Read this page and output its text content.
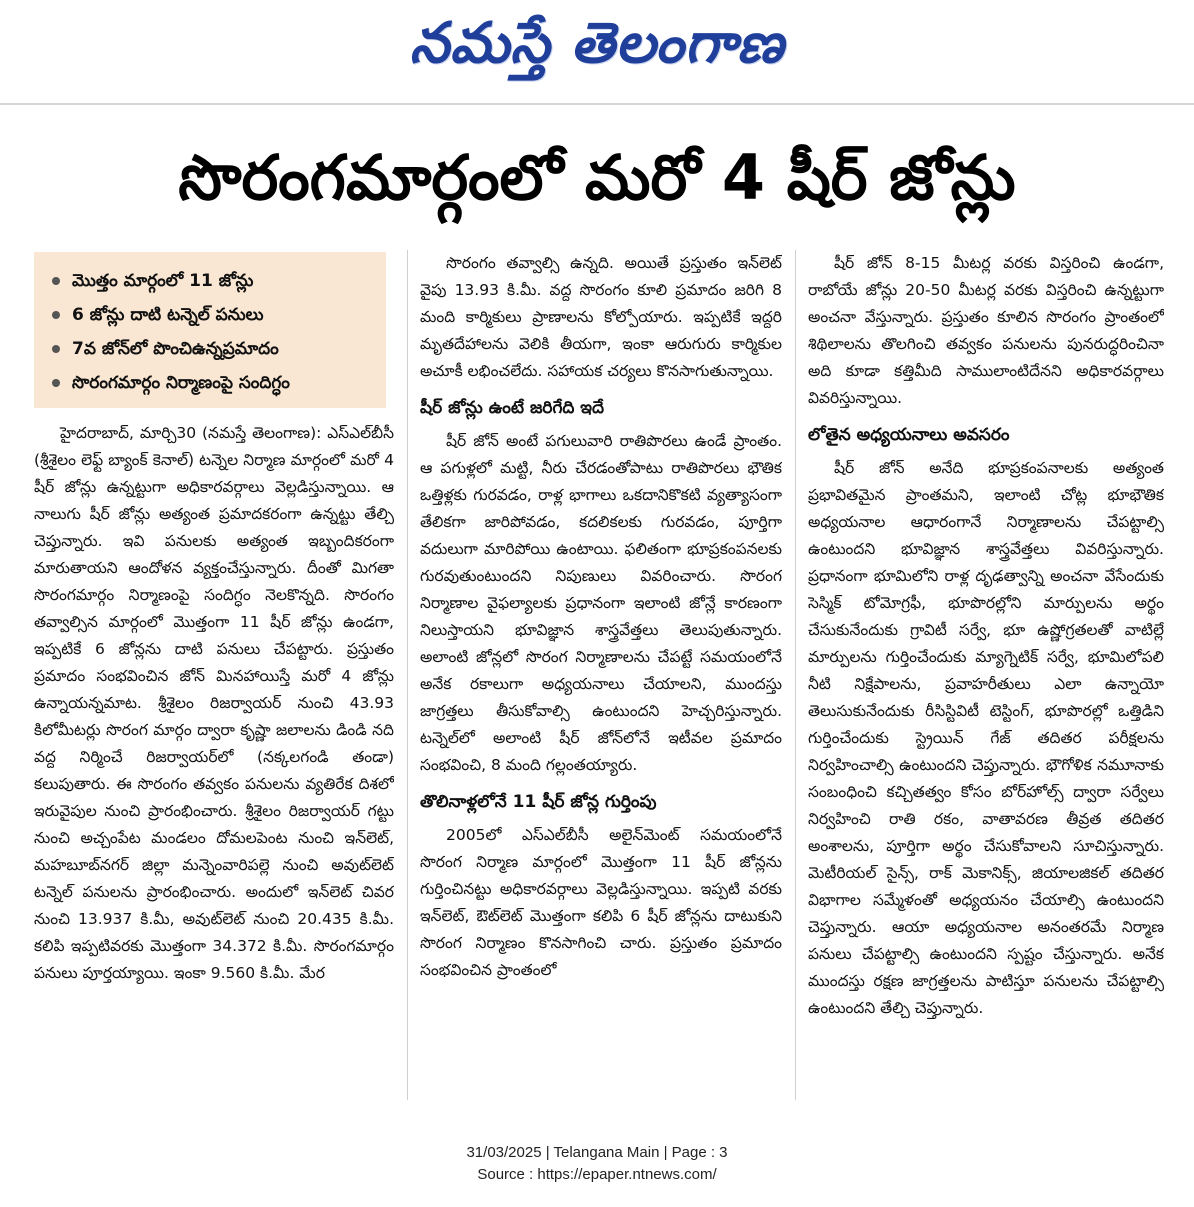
నమస్తే తెలంగాణ
సొరంగమార్గంలో మరో 4 షీర్ జోన్లు
మొత్తం మార్గంలో 11 జోన్లు
6 జోన్లు దాటి టన్నెల్ పనులు
7వ జోన్‌లో పొంచిఉన్నప్రమాదం
సొరంగమార్గం నిర్మాణంపై సందిగ్ధం

హైదరాబాద్, మార్చి30 (నమస్తే తెలంగాణ): ఎస్ఎల్‌బీసీ (శ్రీశైలం లెఫ్ట్ బ్యాంక్ కెనాల్) టన్నెల నిర్మాణ మార్గంలో మరో 4 షీర్ జోన్లు ఉన్నట్టుగా అధికారవర్గాలు వెల్లడిస్తున్నాయి. ఆ నాలుగు షీర్ జోన్లు అత్యంత ప్రమాదకరంగా ఉన్నట్టు తేల్చి చెప్తున్నారు. ఇవి పనులకు అత్యంత ఇబ్బందికరంగా మారుతాయని ఆందోళన వ్యక్తంచేస్తున్నారు. దీంతో మిగతా సొరంగమార్గం నిర్మాణంపై సందిగ్ధం నెలకొన్నది. సొరంగం తవ్వాల్సిన మార్గంలో మొత్తంగా 11 షీర్ జోన్లు ఉండగా, ఇప్పటికే 6 జోన్లను దాటి పనులు చేపట్టారు. ప్రస్తుతం ప్రమాదం సంభవించిన జోన్ మినహాయిస్తే మరో 4 జోన్లు ఉన్నాయన్నమాట. శ్రీశైలం రిజర్వాయర్ నుంచి 43.93 కిలోమీటర్లు సొరంగ మార్గం ద్వారా కృష్ణా జలాలను డిండి నది వద్ద నిర్మించే రిజర్వాయర్‌లో (నక్కలగండి తండా) కలుపుతారు. ఈ సొరంగం తవ్వకం పనులను వ్యతిరేక దిశలో ఇరువైపుల నుంచి ప్రారంభించారు. శ్రీశైలం రిజర్వాయర్ గట్టు నుంచి అచ్చంపేట మండలం దోమలపెంట నుంచి ఇన్‌లెట్, మహబూబ్‌నగర్ జిల్లా మన్నెంవారిపల్లె నుంచి అవుట్‌లెట్ టన్నెల్ పనులను ప్రారంభించారు. అందులో ఇన్‌లెట్ చివర నుంచి 13.937 కి.మీ, అవుట్‌లెట్ నుంచి 20.435 కి.మీ. కలిపి ఇప్పటివరకు మొత్తంగా 34.372 కి.మీ. సొరంగమార్గం పనులు పూర్తయ్యాయి. ఇంకా 9.560 కి.మీ. మేర

సొరంగం తవ్వాల్సి ఉన్నది. అయితే ప్రస్తుతం ఇన్‌లెట్ వైపు 13.93 కి.మీ. వద్ద సొరంగం కూలి ప్రమాదం జరిగి 8 మంది కార్మికులు ప్రాణాలను కోల్పోయారు. ఇప్పటికే ఇద్దరి మృతదేహాలను వెలికి తీయగా, ఇంకా ఆరుగురు కార్మికుల అచూకీ లభించలేదు. సహాయక చర్యలు కొనసాగుతున్నాయి.

షీర్ జోన్లు ఉంటే జరిగేది ఇదే

షీర్ జోన్ అంటే పగులువారి రాతిపొరలు ఉండే ప్రాంతం. ఆ పగుళ్లలో మట్టి, నీరు చేరడంతోపాటు రాతిపొరలు భౌతిక ఒత్తిళ్లకు గురవడం, రాళ్ల భాగాలు ఒకదానికొకటి వ్యత్యాసంగా తేలికగా జారిపోవడం, కదలికలకు గురవడం, పూర్తిగా వదులుగా మారిపోయి ఉంటాయి. ఫలితంగా భూప్రకంపనలకు గురవుతుంటుందని నిపుణులు వివరించారు. సొరంగ నిర్మాణాల వైఫల్యాలకు ప్రధానంగా ఇలాంటి జోన్లే కారణంగా నిలుస్తాయని భూవిజ్ఞాన శాస్త్రవేత్తలు తెలుపుతున్నారు. అలాంటి జోన్లలో సొరంగ నిర్మాణాలను చేపట్టే సమయంలోనే అనేక రకాలుగా అధ్యయనాలు చేయాలని, ముందస్తు జాగ్రత్తలు తీసుకోవాల్సి ఉంటుందని హెచ్చరిస్తున్నారు. టన్నెల్‌లో అలాంటి షీర్ జోన్‌లోనే ఇటీవల ప్రమాదం సంభవించి, 8 మంది గల్లంతయ్యారు.

తొలినాళ్లలోనే 11 షీర్ జోన్ల గుర్తింపు

2005లో ఎస్ఎల్‌బీసీ అలైన్‌మెంట్ సమయంలోనే సొరంగ నిర్మాణ మార్గంలో మొత్తంగా 11 షీర్ జోన్లను గుర్తించినట్టు అధికారవర్గాలు వెల్లడిస్తున్నాయి. ఇప్పటి వరకు ఇన్‌లెట్, ఔట్‌లెట్ మొత్తంగా కలిపి 6 షీర్ జోన్లను దాటుకుని సొరంగ నిర్మాణం కొనసాగించి చారు. ప్రస్తుతం ప్రమాదం సంభవించిన ప్రాంతంలో

షీర్ జోన్ 8-15 మీటర్ల వరకు విస్తరించి ఉండగా, రాబోయే జోన్లు 20-50 మీటర్ల వరకు విస్తరించి ఉన్నట్టుగా అంచనా వేస్తున్నారు. ప్రస్తుతం కూలిన సొరంగం ప్రాంతంలో శిథిలాలను తొలగించి తవ్వకం పనులను పునరుద్ధరించినా అది కూడా కత్తిమీది సాములాంటిదేనని అధికారవర్గాలు వివరిస్తున్నాయి.

లోతైన అధ్యయనాలు అవసరం

షీర్ జోన్ అనేది భూప్రకంపనాలకు అత్యంత ప్రభావితమైన ప్రాంతమని, ఇలాంటి చోట్ల భూభౌతిక అధ్యయనాల ఆధారంగానే నిర్మాణాలను చేపట్టాల్సి ఉంటుందని భూవిజ్ఞాన శాస్త్రవేత్తలు వివరిస్తున్నారు. ప్రధానంగా భూమిలోని రాళ్ల దృఢత్వాన్ని అంచనా వేసేందుకు సెస్మిక్ టోమోగ్రఫీ, భూపొరల్లోని మార్పులను అర్థం చేసుకునేందుకు గ్రావిటీ సర్వే, భూ ఉష్ణోగ్రతలతో వాటిల్లే మార్పులను గుర్తించేందుకు మ్యాగ్నెటిక్ సర్వే, భూమిలోపలి నీటి నిక్షేపాలను, ప్రవాహరీతులు ఎలా ఉన్నాయో తెలుసుకునేందుకు రీసిస్టివిటీ టెస్టింగ్, భూపొరల్లో ఒత్తిడిని గుర్తించేందుకు స్ట్రెయిన్ గేజ్ తదితర పరీక్షలను నిర్వహించాల్సి ఉంటుందని చెప్తున్నారు. భౌగోళిక నమూనాకు సంబంధించి కచ్చితత్వం కోసం బోర్‌హోల్స్ ద్వారా సర్వేలు నిర్వహించి రాతి రకం, వాతావరణ తీవ్రత తదితర అంశాలను, పూర్తిగా అర్థం చేసుకోవాలని సూచిస్తున్నారు. మెటీరియల్ సైన్స్, రాక్ మెకానిక్స్, జియాలజికల్ తదితర విభాగాల సమ్మేళంతో అధ్యయనం చేయాల్సి ఉంటుందని చెప్తున్నారు. ఆయా అధ్యయనాల అనంతరమే నిర్మాణ పనులు చేపట్టాల్సి ఉంటుందని స్పష్టం చేస్తున్నారు. అనేక ముందస్తు రక్షణ జాగ్రత్తలను పాటిస్తూ పనులను చేపట్టాల్సి ఉంటుందని తేల్చి చెప్తున్నారు.

31/03/2025 | Telangana Main | Page : 3
Source : https://epaper.ntnews.com/
